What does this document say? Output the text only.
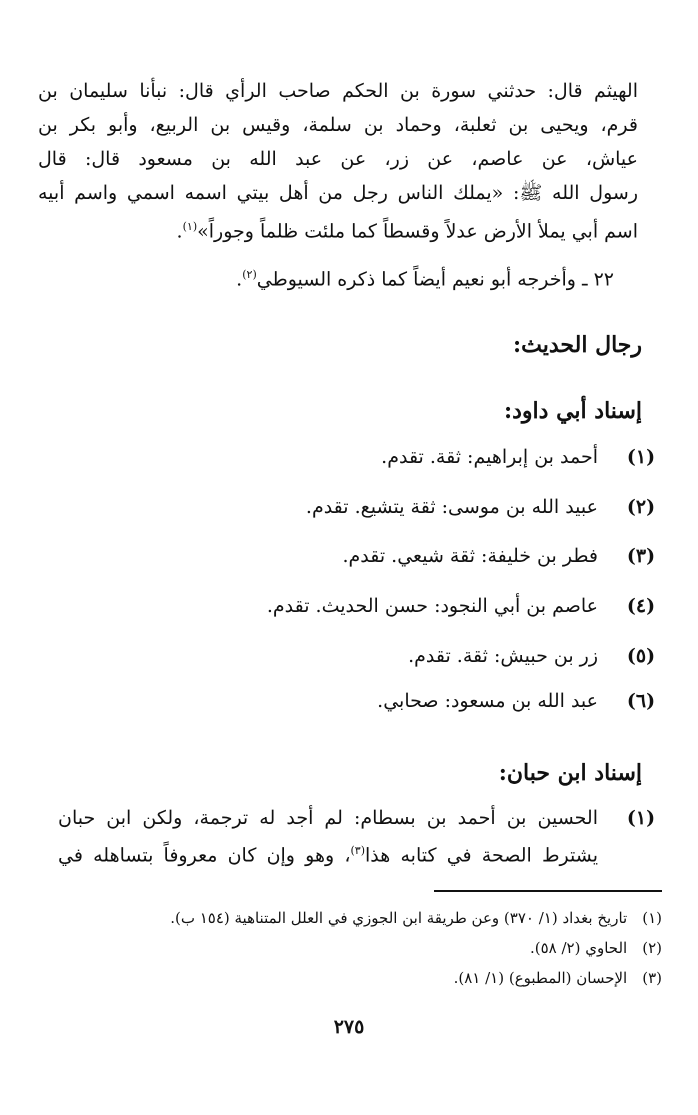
الهيثم قال: حدثني سورة بن الحكم صاحب الرأي قال: نبأنا سليمان بن
قرم، ويحيى بن ثعلبة، وحماد بن سلمة، وقيس بن الربيع، وأبو بكر بن
عياش، عن عاصم، عن زر، عن عبد الله بن مسعود قال: قال
رسول الله ﷺ: «يملك الناس رجل من أهل بيتي اسمه اسمي واسم أبيه
اسم أبي يملأ الأرض عدلاً وقسطاً كما ملئت ظلماً وجوراً»$^{(١)}$.
٢٢ ـ وأخرجه أبو نعيم أيضاً كما ذكره السيوطي$^{(٢)}$.
رجال الحديث:
إسناد أبي داود:
(١)
أحمد بن إبراهيم: ثقة. تقدم.
(٢)
عبيد الله بن موسى: ثقة يتشيع. تقدم.
(٣)
فطر بن خليفة: ثقة شيعي. تقدم.
(٤)
عاصم بن أبي النجود: حسن الحديث. تقدم.
(٥)
زر بن حبيش: ثقة. تقدم.
(٦)
عبد الله بن مسعود: صحابي.
إسناد ابن حبان:
(١)
الحسين بن أحمد بن بسطام: لم أجد له ترجمة، ولكن ابن حبان
يشترط الصحة في كتابه هذا$^{(٣)}$، وهو وإن كان معروفاً بتساهله في
(١) تاريخ بغداد (١/ ٣٧٠) وعن طريقة ابن الجوزي في العلل المتناهية (١٥٤ ب).
(٢) الحاوي (٢/ ٥٨).
(٣) الإحسان (المطبوع) (١/ ٨١).
٢٧٥
